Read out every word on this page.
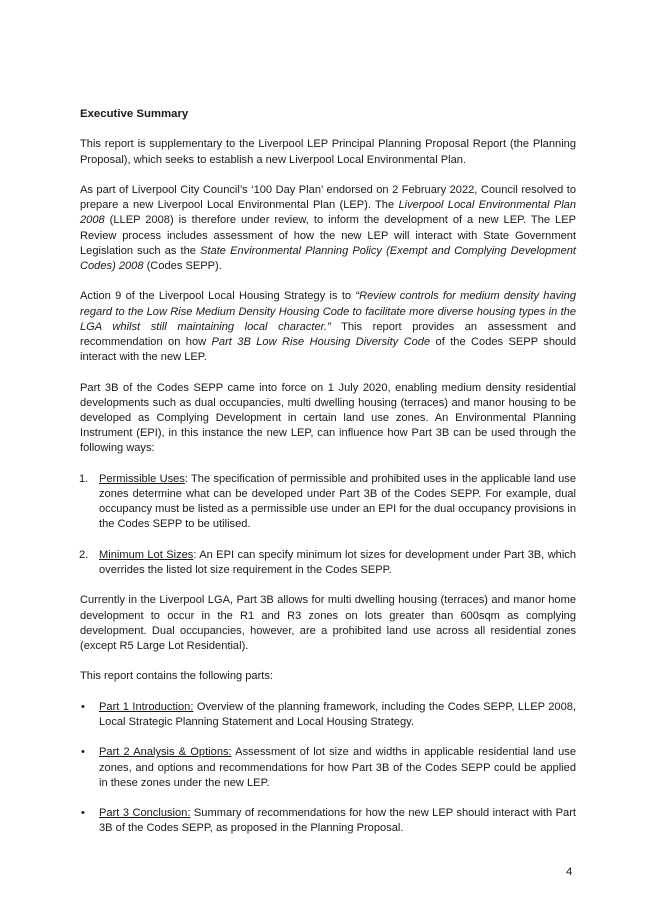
Executive Summary

This report is supplementary to the Liverpool LEP Principal Planning Proposal Report (the Planning Proposal), which seeks to establish a new Liverpool Local Environmental Plan.

As part of Liverpool City Council’s ‘100 Day Plan’ endorsed on 2 February 2022, Council resolved to prepare a new Liverpool Local Environmental Plan (LEP). The Liverpool Local Environmental Plan 2008 (LLEP 2008) is therefore under review, to inform the development of a new LEP. The LEP Review process includes assessment of how the new LEP will interact with State Government Legislation such as the State Environmental Planning Policy (Exempt and Complying Development Codes) 2008 (Codes SEPP).

Action 9 of the Liverpool Local Housing Strategy is to “Review controls for medium density having regard to the Low Rise Medium Density Housing Code to facilitate more diverse housing types in the LGA whilst still maintaining local character.” This report provides an assessment and recommendation on how Part 3B Low Rise Housing Diversity Code of the Codes SEPP should interact with the new LEP.

Part 3B of the Codes SEPP came into force on 1 July 2020, enabling medium density residential developments such as dual occupancies, multi dwelling housing (terraces) and manor housing to be developed as Complying Development in certain land use zones. An Environmental Planning Instrument (EPI), in this instance the new LEP, can influence how Part 3B can be used through the following ways:

1. Permissible Uses: The specification of permissible and prohibited uses in the applicable land use zones determine what can be developed under Part 3B of the Codes SEPP. For example, dual occupancy must be listed as a permissible use under an EPI for the dual occupancy provisions in the Codes SEPP to be utilised.
2. Minimum Lot Sizes: An EPI can specify minimum lot sizes for development under Part 3B, which overrides the listed lot size requirement in the Codes SEPP.

Currently in the Liverpool LGA, Part 3B allows for multi dwelling housing (terraces) and manor home development to occur in the R1 and R3 zones on lots greater than 600sqm as complying development. Dual occupancies, however, are a prohibited land use across all residential zones (except R5 Large Lot Residential).

This report contains the following parts:

• Part 1 Introduction: Overview of the planning framework, including the Codes SEPP, LLEP 2008, Local Strategic Planning Statement and Local Housing Strategy.
• Part 2 Analysis & Options: Assessment of lot size and widths in applicable residential land use zones, and options and recommendations for how Part 3B of the Codes SEPP could be applied in these zones under the new LEP.
• Part 3 Conclusion: Summary of recommendations for how the new LEP should interact with Part 3B of the Codes SEPP, as proposed in the Planning Proposal.
4
